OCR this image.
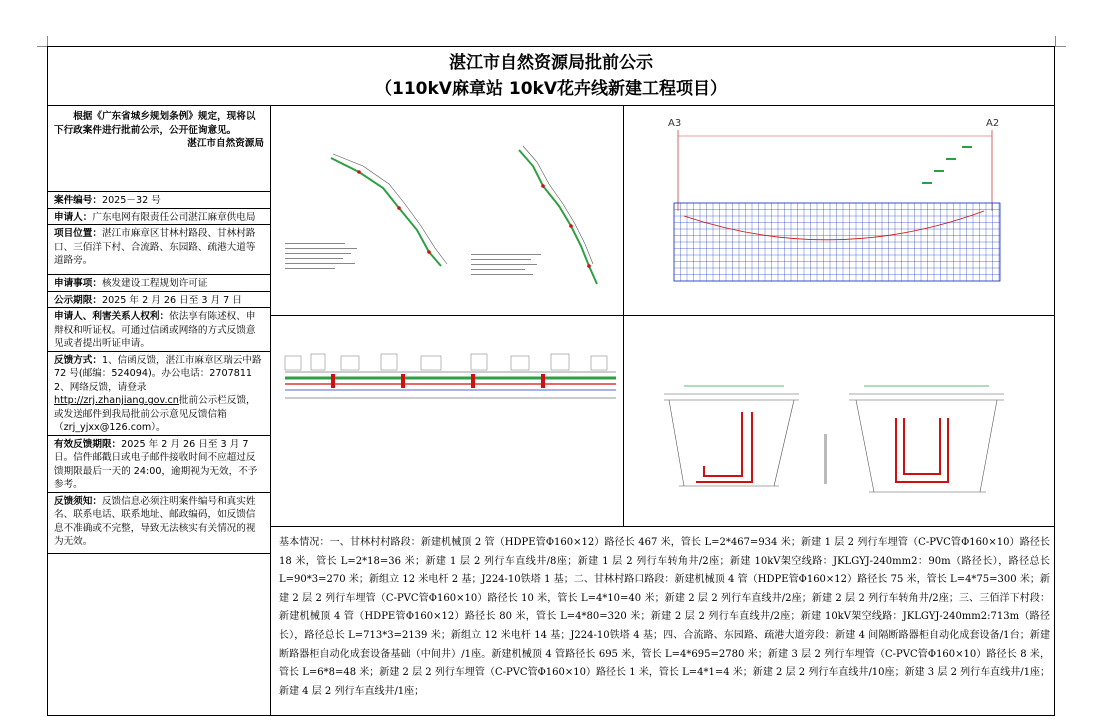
湛江市自然资源局批前公示
（110kV麻章站 10kV花卉线新建工程项目）

根据《广东省城乡规划条例》规定，现将以下行政案件进行批前公示，公开征询意见。

湛江市自然资源局
案件编号：2025－32 号
申请人：广东电网有限责任公司湛江麻章供电局
项目位置：湛江市麻章区甘林村路段、甘林村路口、三佰洋下村、合流路、东园路、疏港大道等道路旁。
申请事项：核发建设工程规划许可证
公示期限：2025 年 2 月 26 日至 3 月 7 日
申请人、利害关系人权利：依法享有陈述权、申辩权和听证权。可通过信函或网络的方式反馈意见或者提出听证申请。
反馈方式：1、信函反馈，湛江市麻章区瑞云中路 72 号(邮编：524094)。办公电话：2707811
2、网络反馈，请登录
http://zrj.zhanjiang.gov.cn批前公示栏反馈，或发送邮件到我局批前公示意见反馈信箱（zrj_yjxx@126.com）。
有效反馈期限：2025 年 2 月 26 日至 3 月 7 日。信件邮戳日或电子邮件接收时间不应超过反馈期限最后一天的 24:00，逾期视为无效，不予参考。
反馈须知：反馈信息必须注明案件编号和真实姓名、联系电话、联系地址、邮政编码，如反馈信息不准确或不完整，导致无法核实有关情况的视为无效。
A3	A2
基本情况：一、甘林村村路段：新建机械顶 2 管（HDPE管Φ160×12）路径长 467 米，管长 L=2*467=934 米；新建 1 层 2 列行车埋管（C-PVC管Φ160×10）路径长 18 米，管长 L=2*18=36 米；新建 1 层 2 列行车直线井/8座；新建 1 层 2 列行车转角井/2座；新建 10kV架空线路：JKLGYJ-240mm2：90m（路径长），路径总长 L=90*3=270 米；新组立 12 米电杆 2 基；J224-10铁塔 1 基；二、甘林村路口路段：新建机械顶 4 管（HDPE管Φ160×12）路径长 75 米，管长 L=4*75=300 米；新建 2 层 2 列行车埋管（C-PVC管Φ160×10）路径长 10 米，管长 L=4*10=40 米；新建 2 层 2 列行车直线井/2座；新建 2 层 2 列行车转角井/2座；三、三佰洋下村段：新建机械顶 4 管（HDPE管Φ160×12）路径长 80 米，管长 L=4*80=320 米；新建 2 层 2 列行车直线井/2座；新建 10kV架空线路：JKLGYJ-240mm2:713m（路径长），路径总长 L=713*3=2139 米；新组立 12 米电杆 14 基；J224-10铁塔 4 基；四、合流路、东园路、疏港大道旁段：新建 4 间隔断路器柜自动化成套设备/1台；新建断路器柜自动化成套设备基础（中间井）/1座。新建机械顶 4 管路径长 695 米，管长 L=4*695=2780 米；新建 3 层 2 列行车埋管（C-PVC管Φ160×10）路径长 8 米，管长 L=6*8=48 米；新建 2 层 2 列行车埋管（C-PVC管Φ160×10）路径长 1 米，管长 L=4*1=4 米；新建 2 层 2 列行车直线井/10座；新建 3 层 2 列行车直线井/1座；新建 4 层 2 列行车直线井/1座；
